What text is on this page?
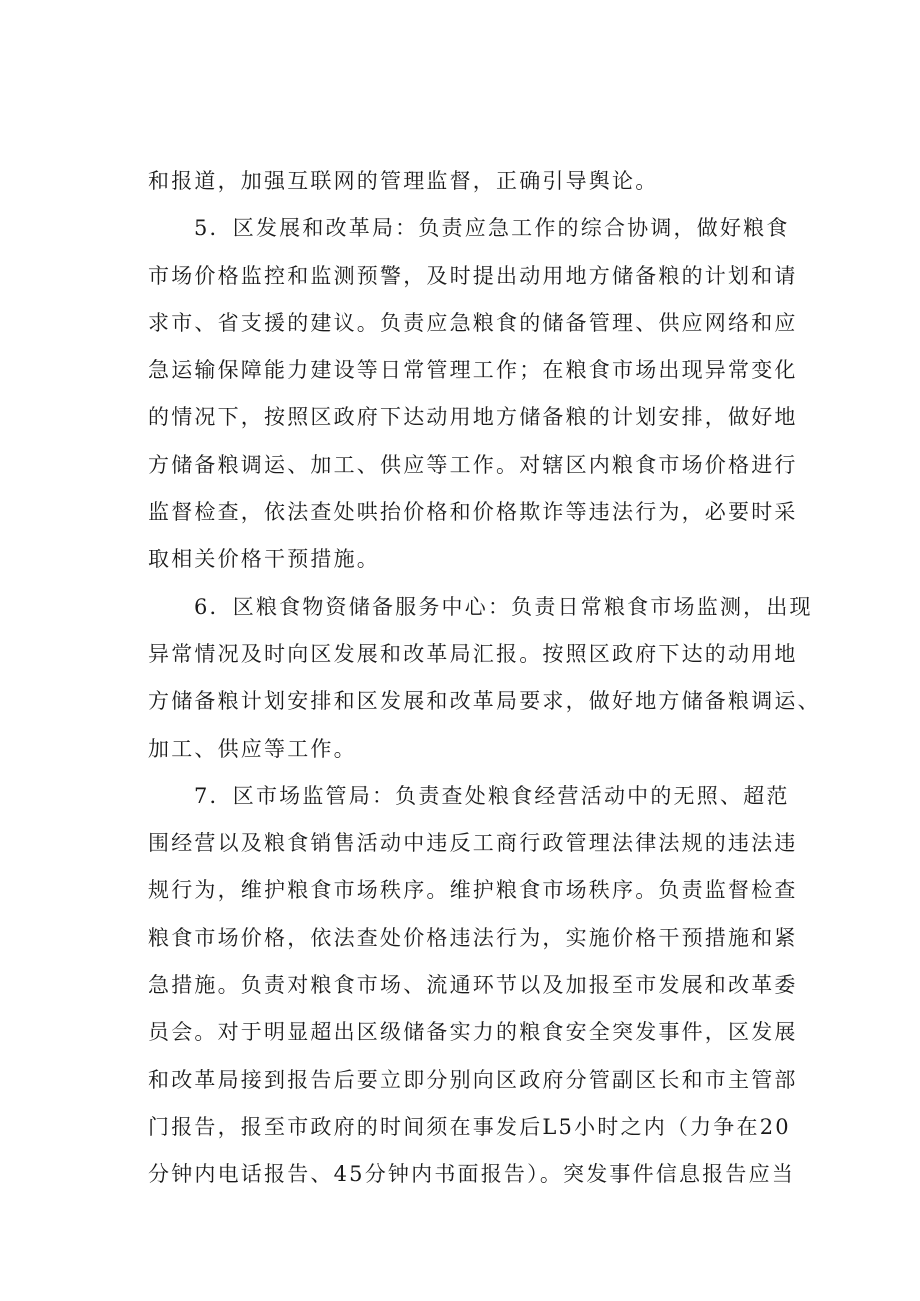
和报道，加强互联网的管理监督，正确引导舆论。
5．区发展和改革局：负责应急工作的综合协调，做好粮食
市场价格监控和监测预警，及时提出动用地方储备粮的计划和请
求市、省支援的建议。负责应急粮食的储备管理、供应网络和应
急运输保障能力建设等日常管理工作；在粮食市场出现异常变化
的情况下，按照区政府下达动用地方储备粮的计划安排，做好地
方储备粮调运、加工、供应等工作。对辖区内粮食市场价格进行
监督检查，依法查处哄抬价格和价格欺诈等违法行为，必要时采
取相关价格干预措施。
6．区粮食物资储备服务中心：负责日常粮食市场监测，出现
异常情况及时向区发展和改革局汇报。按照区政府下达的动用地
方储备粮计划安排和区发展和改革局要求，做好地方储备粮调运、
加工、供应等工作。
7．区市场监管局：负责查处粮食经营活动中的无照、超范
围经营以及粮食销售活动中违反工商行政管理法律法规的违法违
规行为，维护粮食市场秩序。维护粮食市场秩序。负责监督检查
粮食市场价格，依法查处价格违法行为，实施价格干预措施和紧
急措施。负责对粮食市场、流通环节以及加报至市发展和改革委
员会。对于明显超出区级储备实力的粮食安全突发事件，区发展
和改革局接到报告后要立即分别向区政府分管副区长和市主管部
门报告，报至市政府的时间须在事发后L5小时之内（力争在20
分钟内电话报告、45分钟内书面报告）。突发事件信息报告应当
